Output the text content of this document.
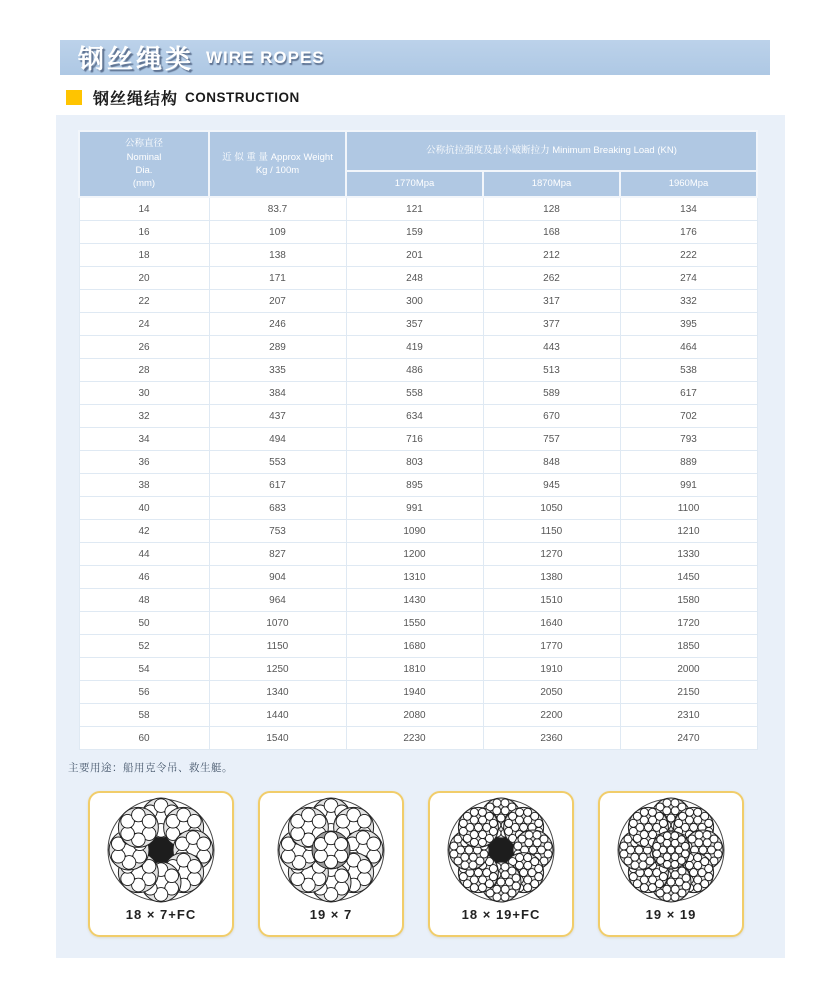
钢丝绳类 WIRE ROPES
钢丝绳结构 CONSTRUCTION
公称直径
Nominal
Dia.
(mm)

近 似 重 量 Approx Weight
Kg / 100m
	公称抗拉强度及最小破断拉力 Minimum Breaking Load (KN)
		1770Mpa	1870Mpa	1960Mpa
14	83.7	121	128	134
16	109	159	168	176
18	138	201	212	222
20	171	248	262	274
22	207	300	317	332
24	246	357	377	395
26	289	419	443	464
28	335	486	513	538
30	384	558	589	617
32	437	634	670	702
34	494	716	757	793
36	553	803	848	889
38	617	895	945	991
40	683	991	1050	1100
42	753	1090	1150	1210
44	827	1200	1270	1330
46	904	1310	1380	1450
48	964	1430	1510	1580
50	1070	1550	1640	1720
52	1150	1680	1770	1850
54	1250	1810	1910	2000
56	1340	1940	2050	2150
58	1440	2080	2200	2310
60	1540	2230	2360	2470
主要用途：船用克令吊、救生艇。
18 × 7+FC	19 × 7	18 × 19+FC	19 × 19
